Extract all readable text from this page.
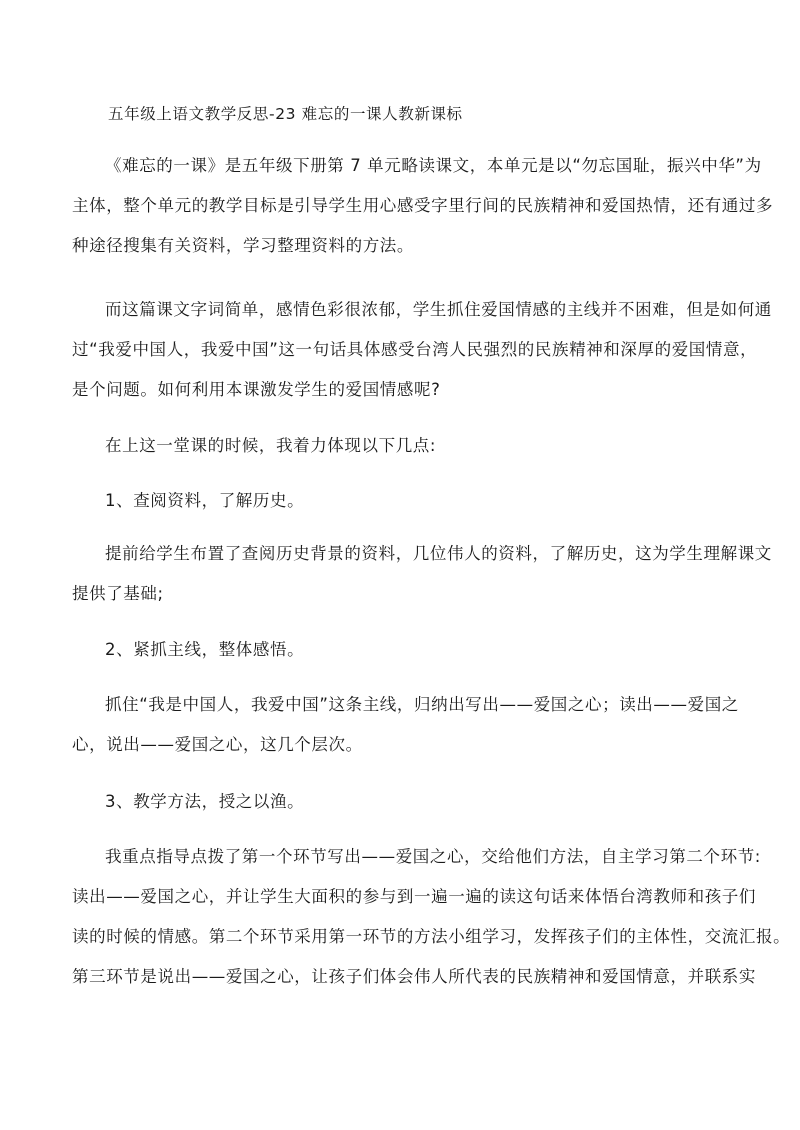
五年级上语文教学反思-23 难忘的一课人教新课标
《难忘的一课》是五年级下册第 7 单元略读课文，本单元是以“勿忘国耻，振兴中华”为
主体，整个单元的教学目标是引导学生用心感受字里行间的民族精神和爱国热情，还有通过多
种途径搜集有关资料，学习整理资料的方法。
而这篇课文字词简单，感情色彩很浓郁，学生抓住爱国情感的主线并不困难，但是如何通
过“我爱中国人，我爱中国”这一句话具体感受台湾人民强烈的民族精神和深厚的爱国情意，
是个问题。如何利用本课激发学生的爱国情感呢?
在上这一堂课的时候，我着力体现以下几点:
1、查阅资料，了解历史。
提前给学生布置了查阅历史背景的资料，几位伟人的资料，了解历史，这为学生理解课文
提供了基础;
2、紧抓主线，整体感悟。
抓住“我是中国人，我爱中国”这条主线，归纳出写出——爱国之心；读出——爱国之
心，说出——爱国之心，这几个层次。
3、教学方法，授之以渔。
我重点指导点拨了第一个环节写出——爱国之心，交给他们方法，自主学习第二个环节:
读出——爱国之心，并让学生大面积的参与到一遍一遍的读这句话来体悟台湾教师和孩子们
读的时候的情感。第二个环节采用第一环节的方法小组学习，发挥孩子们的主体性，交流汇报。
第三环节是说出——爱国之心，让孩子们体会伟人所代表的民族精神和爱国情意，并联系实
